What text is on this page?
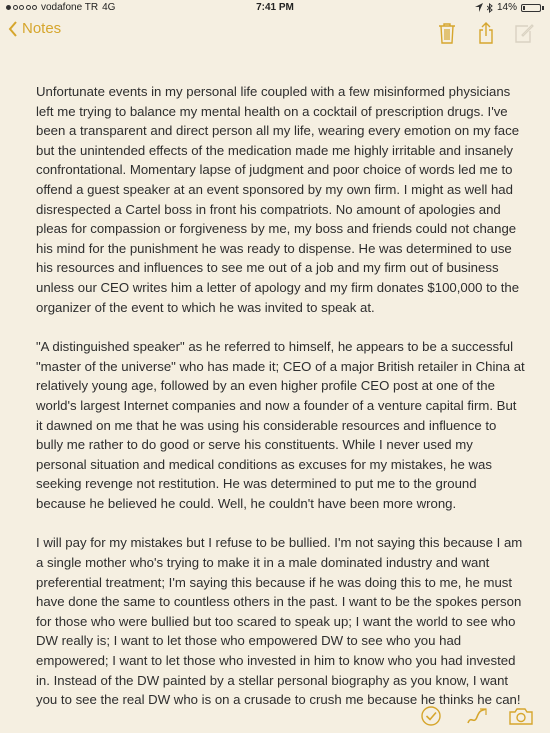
vodafone TR 4G	7:41 PM	14%
Notes

Unfortunate events in my personal life coupled with a few misinformed physicians left me trying to balance my mental health on a cocktail of prescription drugs. I've been a transparent and direct person all my life, wearing every emotion on my face but the unintended effects of the medication made me highly irritable and insanely confrontational. Momentary lapse of judgment and poor choice of words led me to offend a guest speaker at an event sponsored by my own firm. I might as well had disrespected a Cartel boss in front his compatriots. No amount of apologies and pleas for compassion or forgiveness by me, my boss and friends could not change his mind for the punishment he was ready to dispense. He was determined to use his resources and influences to see me out of a job and my firm out of business unless our CEO writes him a letter of apology and my firm donates $100,000 to the organizer of the event to which he was invited to speak at.

"A distinguished speaker" as he referred to himself, he appears to be a successful "master of the universe" who has made it; CEO of a major British retailer in China at relatively young age, followed by an even higher profile CEO post at one of the world's largest Internet companies and now a founder of a venture capital firm. But it dawned on me that he was using his considerable resources and influence to bully me rather to do good or serve his constituents. While I never used my personal situation and medical conditions as excuses for my mistakes, he was seeking revenge not restitution. He was determined to put me to the ground because he believed he could. Well, he couldn't have been more wrong.

I will pay for my mistakes but I refuse to be bullied. I'm not saying this because I am a single mother who's trying to make it in a male dominated industry and want preferential treatment; I'm saying this because if he was doing this to me, he must have done the same to countless others in the past. I want to be the spokes person for those who were bullied but too scared to speak up; I want the world to see who DW really is; I want to let those who empowered DW to see who you had empowered; I want to let those who invested in him to know who you had invested in. Instead of the DW painted by a stellar personal biography as you know, I want you to see the real DW who is on a crusade to crush me because he thinks he can!
